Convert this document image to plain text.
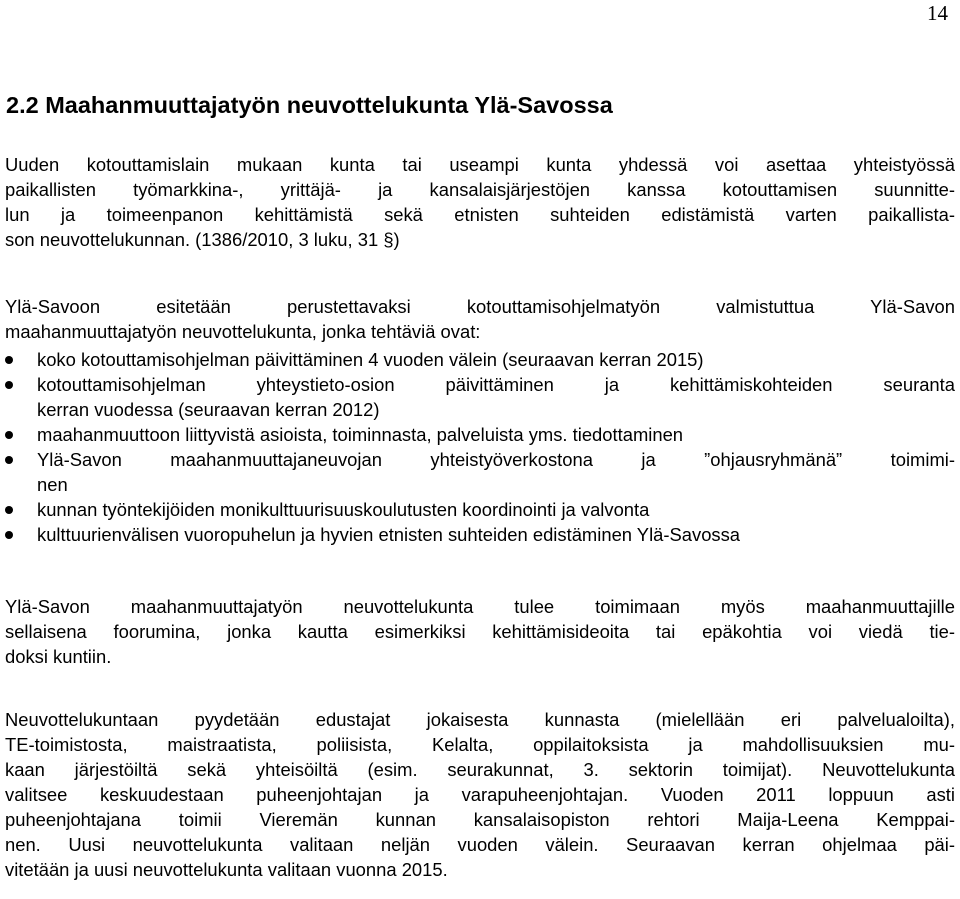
14
2.2 Maahanmuuttajatyön neuvottelukunta Ylä-Savossa
Uuden kotouttamislain mukaan kunta tai useampi kunta yhdessä voi asettaa yhteistyössä
paikallisten työmarkkina-, yrittäjä- ja kansalaisjärjestöjen kanssa kotouttamisen suunnitte-
lun ja toimeenpanon kehittämistä sekä etnisten suhteiden edistämistä varten paikallista-
son neuvottelukunnan. (1386/2010, 3 luku, 31 §)
Ylä-Savoon esitetään perustettavaksi kotouttamisohjelmatyön valmistuttua Ylä-Savon
maahanmuuttajatyön neuvottelukunta, jonka tehtäviä ovat:
koko kotouttamisohjelman päivittäminen 4 vuoden välein (seuraavan kerran 2015)
kotouttamisohjelman yhteystieto-osion päivittäminen ja kehittämiskohteiden seuranta
kerran vuodessa (seuraavan kerran 2012)
maahanmuuttoon liittyvistä asioista, toiminnasta, palveluista yms. tiedottaminen
Ylä-Savon maahanmuuttajaneuvojan yhteistyöverkostona ja ”ohjausryhmänä” toimimi-
nen
kunnan työntekijöiden monikulttuurisuuskoulutusten koordinointi ja valvonta
kulttuurienvälisen vuoropuhelun ja hyvien etnisten suhteiden edistäminen Ylä-Savossa
Ylä-Savon maahanmuuttajatyön neuvottelukunta tulee toimimaan myös maahanmuuttajille
sellaisena foorumina, jonka kautta esimerkiksi kehittämisideoita tai epäkohtia voi viedä tie-
doksi kuntiin.
Neuvottelukuntaan pyydetään edustajat jokaisesta kunnasta (mielellään eri palvelualoilta),
TE-toimistosta, maistraatista, poliisista, Kelalta, oppilaitoksista ja mahdollisuuksien mu-
kaan järjestöiltä sekä yhteisöiltä (esim. seurakunnat, 3. sektorin toimijat). Neuvottelukunta
valitsee keskuudestaan puheenjohtajan ja varapuheenjohtajan. Vuoden 2011 loppuun asti
puheenjohtajana toimii Vieremän kunnan kansalaisopiston rehtori Maija-Leena Kemppai-
nen. Uusi neuvottelukunta valitaan neljän vuoden välein. Seuraavan kerran ohjelmaa päi-
vitetään ja uusi neuvottelukunta valitaan vuonna 2015.
